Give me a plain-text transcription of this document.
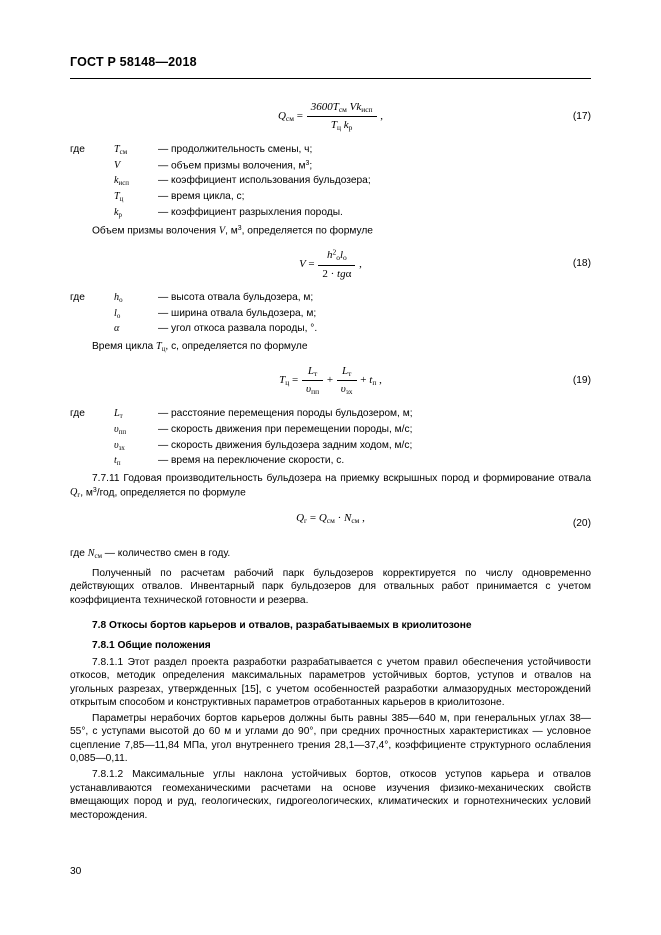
ГОСТ Р 58148—2018
$Q_{см} = \frac{3600T_{см} Vk_{исп}}{T_ц k_р}$ ,	(17)
где	$T_{см}$	— продолжительность смены, ч;
V	— объем призмы волочения, $м^3$;
$k_{исп}$	— коэффициент использования бульдозера;
$T_ц$	— время цикла, с;
$k_р$	— коэффициент разрыхления породы.

Объем призмы волочения V, $м^3$, определяется по формуле

$V = \frac{h^2_оl_о}{\text{2 · tgα}}$ ,	(18)
где	$h_о$	— высота отвала бульдозера, м;
$l_о$	— ширина отвала бульдозера, м;
α	— угол откоса развала породы, °.

Время цикла $T_ц$, с, определяется по формуле

$T_ц = \frac{L_т}{\upsilon_{пп}} + \frac{L_т}{\upsilon_{зх}} + t_п$ ,	(19)
где	$L_т$	— расстояние перемещения породы бульдозером, м;
$\upsilon_{пп}$	— скорость движения при перемещении породы, м/с;
$\upsilon_{зх}$	— скорость движения бульдозера задним ходом, м/с;
$t_п$	— время на переключение скорости, с.

7.7.11 Годовая производительность бульдозера на приемку вскрышных пород и формирование отвала $Q_г$, $м^3$/год, определяется по формуле

$Q_г = Q_{см} \cdot N_{см}$ ,	(20)

где $N_{см}$ — количество смен в году.

Полученный по расчетам рабочий парк бульдозеров корректируется по числу одновременно действующих отвалов. Инвентарный парк бульдозеров для отвальных работ принимается с учетом коэффициента технической готовности и резерва.

7.8 Откосы бортов карьеров и отвалов, разрабатываемых в криолитозоне
7.8.1 Общие положения

7.8.1.1 Этот раздел проекта разработки разрабатывается с учетом правил обеспечения устойчивости откосов, методик определения максимальных параметров устойчивых бортов, уступов и отвалов на угольных разрезах, утвержденных [15], с учетом особенностей разработки алмазорудных месторождений открытым способом и конструктивных параметров отработанных карьеров в криолитозоне.

Параметры нерабочих бортов карьеров должны быть равны 385—640 м, при генеральных углах 38—55°, с уступами высотой до 60 м и углами до 90°, при средних прочностных характеристиках — условное сцепление 7,85—11,84 МПа, угол внутреннего трения 28,1—37,4°, коэффициенте структурного ослабления 0,085—0,11.

7.8.1.2 Максимальные углы наклона устойчивых бортов, откосов уступов карьера и отвалов устанавливаются геомеханическими расчетами на основе изучения физико-механических свойств вмещающих пород и руд, геологических, гидрогеологических, климатических и горнотехнических условий месторождения.

30
